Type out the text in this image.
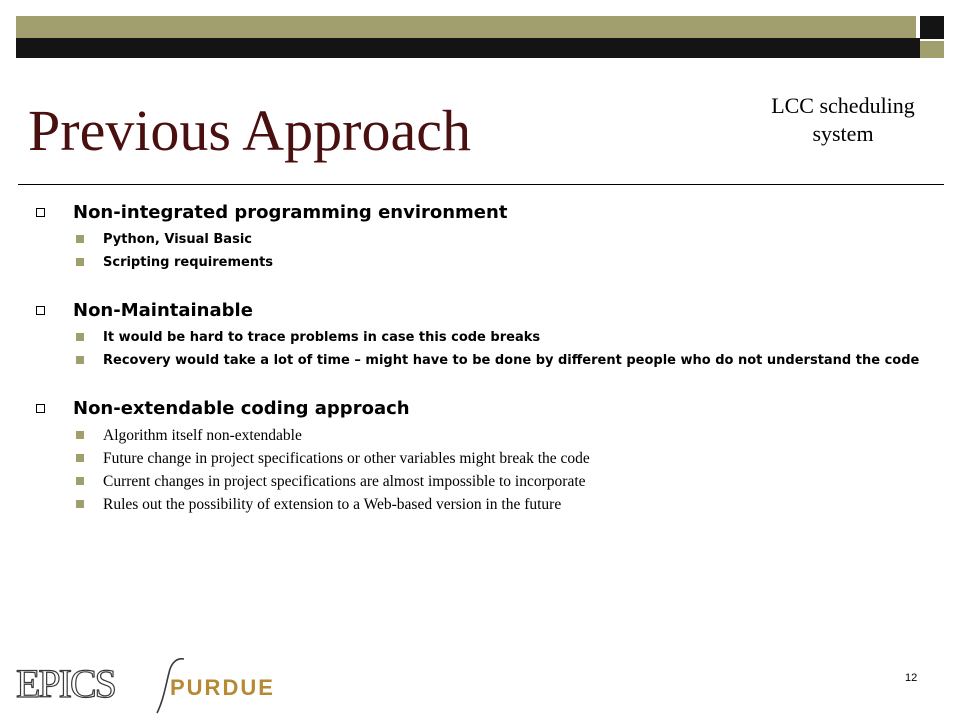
Previous Approach	LCC scheduling
system
Non-integrated programming environment
Python, Visual Basic
Scripting requirements
Non-Maintainable
It would be hard to trace problems in case this code breaks
Recovery would take a lot of time – might have to be done by different people who do not understand the code
Non-extendable coding approach
Algorithm itself non-extendable
Future change in project specifications or other variables might break the code
Current changes in project specifications are almost impossible to incorporate
Rules out the possibility of extension to a Web-based version in the future
EPICS	PURDUE	12
